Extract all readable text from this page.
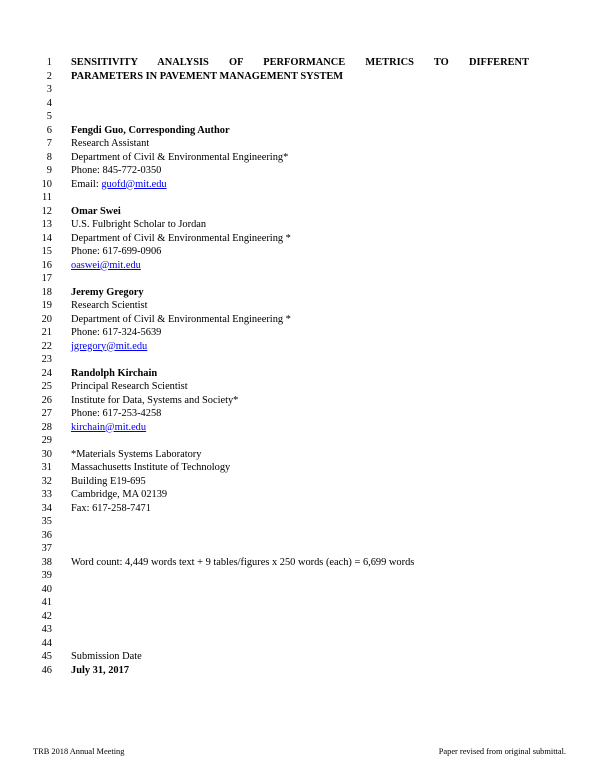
1
2
3
4
5
6
7
8
9
10
11
12
13
14
15
16
17
18
19
20
21
22
23
24
25
26
27
28
29
30
31
32
33
34
35
36
37
38
39
40
41
42
43
44
45
46
SENSITIVITY ANALYSIS OF PERFORMANCE METRICS TO DIFFERENT
PARAMETERS IN PAVEMENT MANAGEMENT SYSTEM
Fengdi Guo, Corresponding Author
Research Assistant
Department of Civil & Environmental Engineering*
Phone: 845-772-0350
Email: guofd@mit.edu
Omar Swei
U.S. Fulbright Scholar to Jordan
Department of Civil & Environmental Engineering *
Phone: 617-699-0906
oaswei@mit.edu
Jeremy Gregory
Research Scientist
Department of Civil & Environmental Engineering *
Phone: 617-324-5639
jgregory@mit.edu
Randolph Kirchain
Principal Research Scientist
Institute for Data, Systems and Society*
Phone: 617-253-4258
kirchain@mit.edu
*Materials Systems Laboratory
Massachusetts Institute of Technology
Building E19-695
Cambridge, MA 02139
Fax: 617-258-7471
Word count: 4,449 words text + 9 tables/figures x 250 words (each) = 6,699 words
Submission Date
July 31, 2017
TRB 2018 Annual Meeting	Paper revised from original submittal.
